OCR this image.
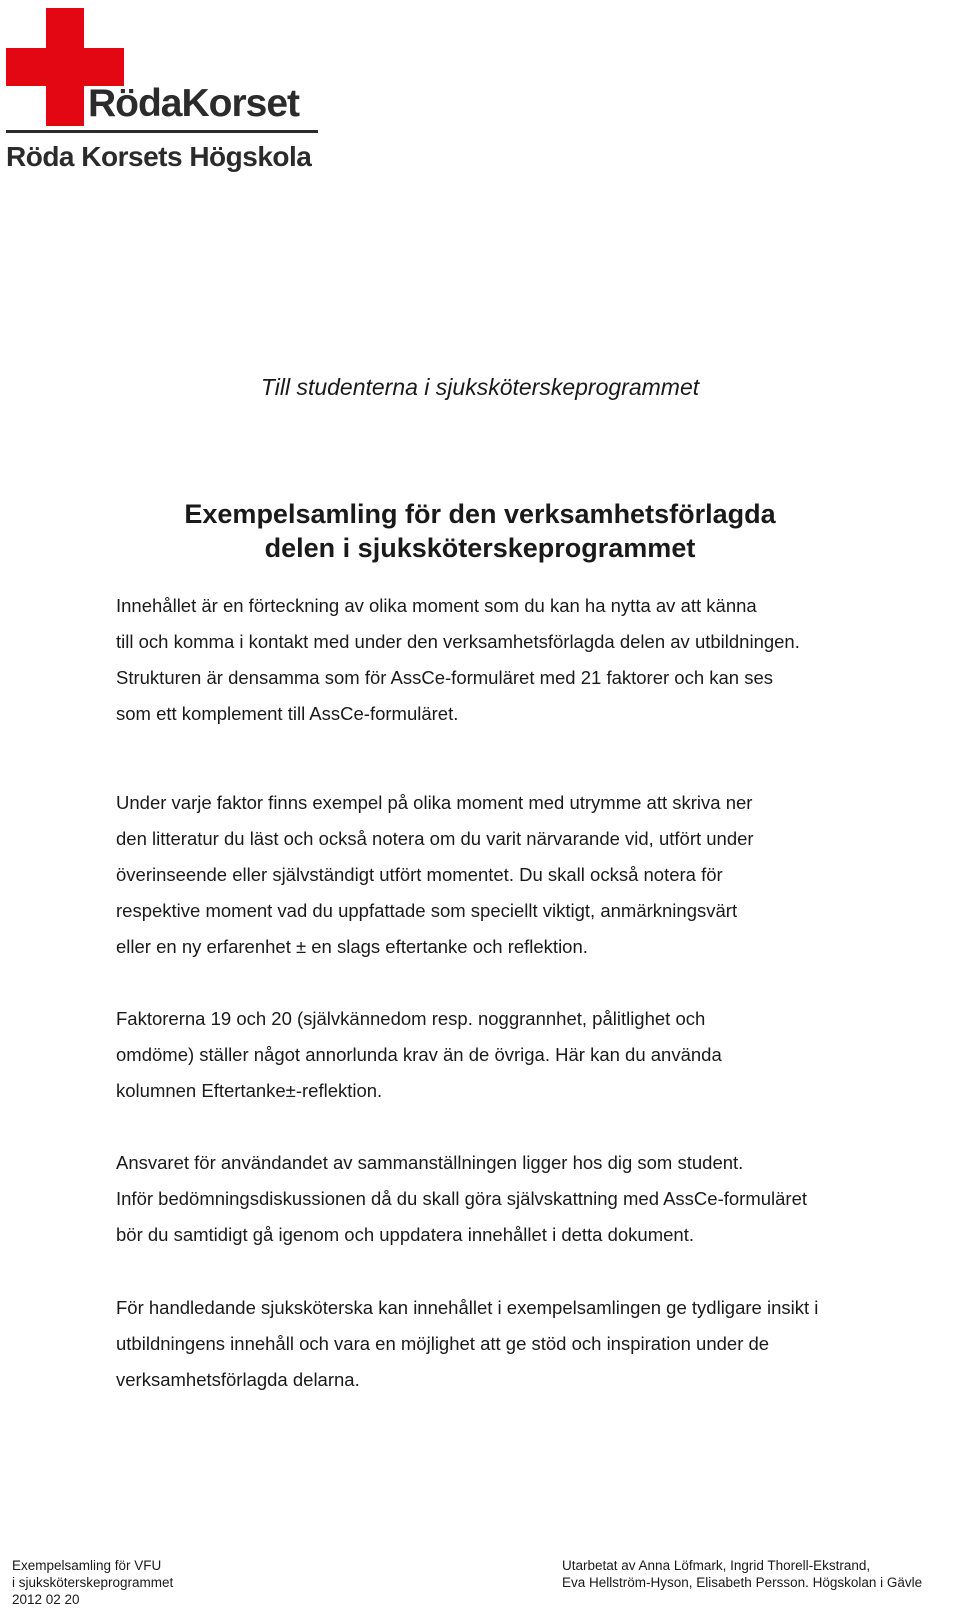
RödaKorset
Röda Korsets Högskola
Till studenterna i sjuksköterskeprogrammet
Exempelsamling för den verksamhetsförlagda
delen i sjuksköterskeprogrammet
Innehållet är en förteckning av olika moment som du kan ha nytta av att känna
till och komma i kontakt med under den verksamhetsförlagda delen av utbildningen.
Strukturen är densamma som för AssCe-formuläret med 21 faktorer och kan ses
som ett komplement till AssCe-formuläret.
Under varje faktor finns exempel på olika moment med utrymme att skriva ner
den litteratur du läst och också notera om du varit närvarande vid, utfört under
överinseende eller självständigt utfört momentet. Du skall också notera för
respektive moment vad du uppfattade som speciellt viktigt, anmärkningsvärt
eller en ny erfarenhet ± en slags eftertanke och reflektion.
Faktorerna 19 och 20 (självkännedom resp. noggrannhet, pålitlighet och
omdöme) ställer något annorlunda krav än de övriga. Här kan du använda
kolumnen Eftertanke±-reflektion.
Ansvaret för användandet av sammanställningen ligger hos dig som student.
Inför bedömningsdiskussionen då du skall göra självskattning med AssCe-formuläret
bör du samtidigt gå igenom och uppdatera innehållet i detta dokument.
För handledande sjuksköterska kan innehållet i exempelsamlingen ge tydligare insikt i
utbildningens innehåll och vara en möjlighet att ge stöd och inspiration under de
verksamhetsförlagda delarna.
Exempelsamling för VFU
i sjuksköterskeprogrammet
2012 02 20
Utarbetat av Anna Löfmark, Ingrid Thorell-Ekstrand,
Eva Hellström-Hyson, Elisabeth Persson. Högskolan i Gävle
